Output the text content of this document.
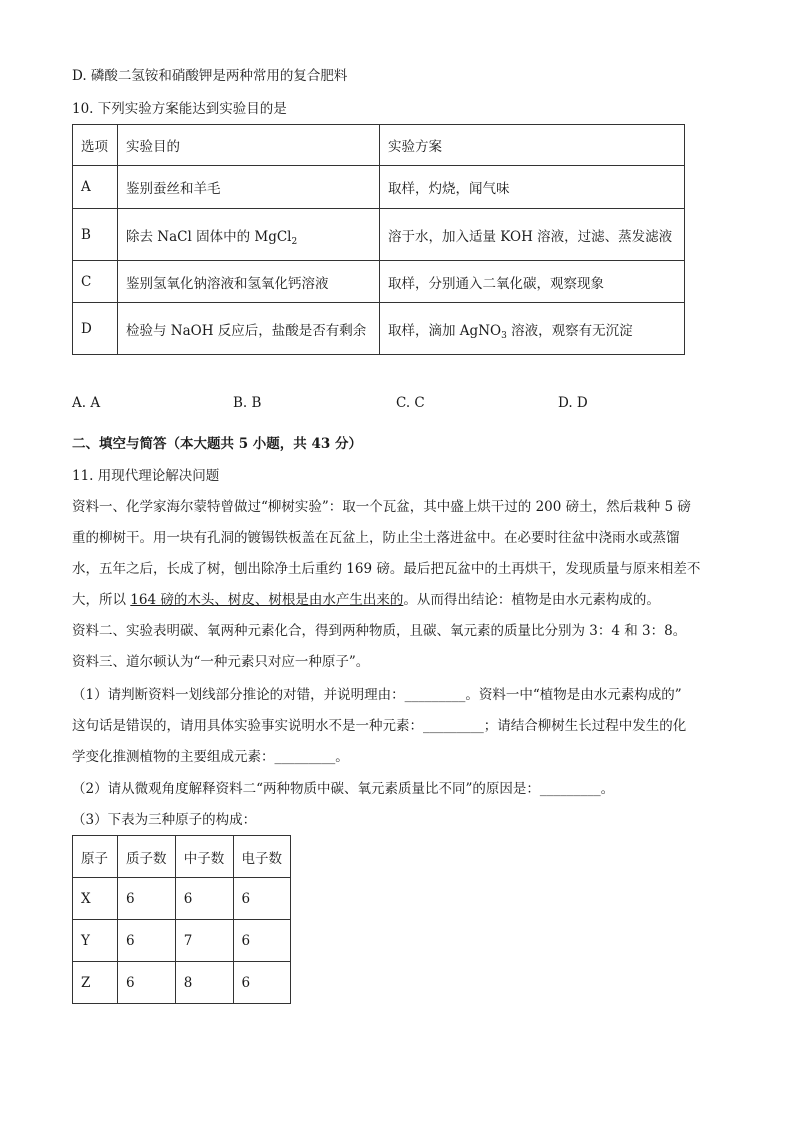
D. 磷酸二氢铵和硝酸钾是两种常用的复合肥料
10. 下列实验方案能达到实验目的是
选项	实验目的	实验方案
A	鉴别蚕丝和羊毛	取样，灼烧，闻气味
B	除去 NaCl 固体中的 MgCl$_2$	溶于水，加入适量 KOH 溶液，过滤、蒸发滤液
C	鉴别氢氧化钠溶液和氢氧化钙溶液	取样，分别通入二氧化碳，观察现象
D	检验与 NaOH 反应后，盐酸是否有剩余	取样，滴加 AgNO$_3$ 溶液，观察有无沉淀
A. A	B. B	C. C	D. D
二、填空与简答（本大题共 5 小题，共 43 分）
11. 用现代理论解决问题
资料一、化学家海尔蒙特曾做过“柳树实验”：取一个瓦盆，其中盛上烘干过的 200 磅土，然后栽种 5 磅
重的柳树干。用一块有孔洞的镀锡铁板盖在瓦盆上，防止尘土落进盆中。在必要时往盆中浇雨水或蒸馏
水，五年之后，长成了树，刨出除净土后重约 169 磅。最后把瓦盆中的土再烘干，发现质量与原来相差不
大，所以 164 磅的木头、树皮、树根是由水产生出来的。从而得出结论：植物是由水元素构成的。
资料二、实验表明碳、氧两种元素化合，得到两种物质，且碳、氧元素的质量比分别为 3：4 和 3：8。
资料三、道尔顿认为“一种元素只对应一种原子”。
（1）请判断资料一划线部分推论的对错，并说明理由：_________。资料一中“植物是由水元素构成的”
这句话是错误的，请用具体实验事实说明水不是一种元素：_________；请结合柳树生长过程中发生的化
学变化推测植物的主要组成元素：_________。
（2）请从微观角度解释资料二“两种物质中碳、氧元素质量比不同”的原因是：_________。
（3）下表为三种原子的构成：
原子	质子数	中子数	电子数
X	6	6	6
Y	6	7	6
Z	6	8	6
